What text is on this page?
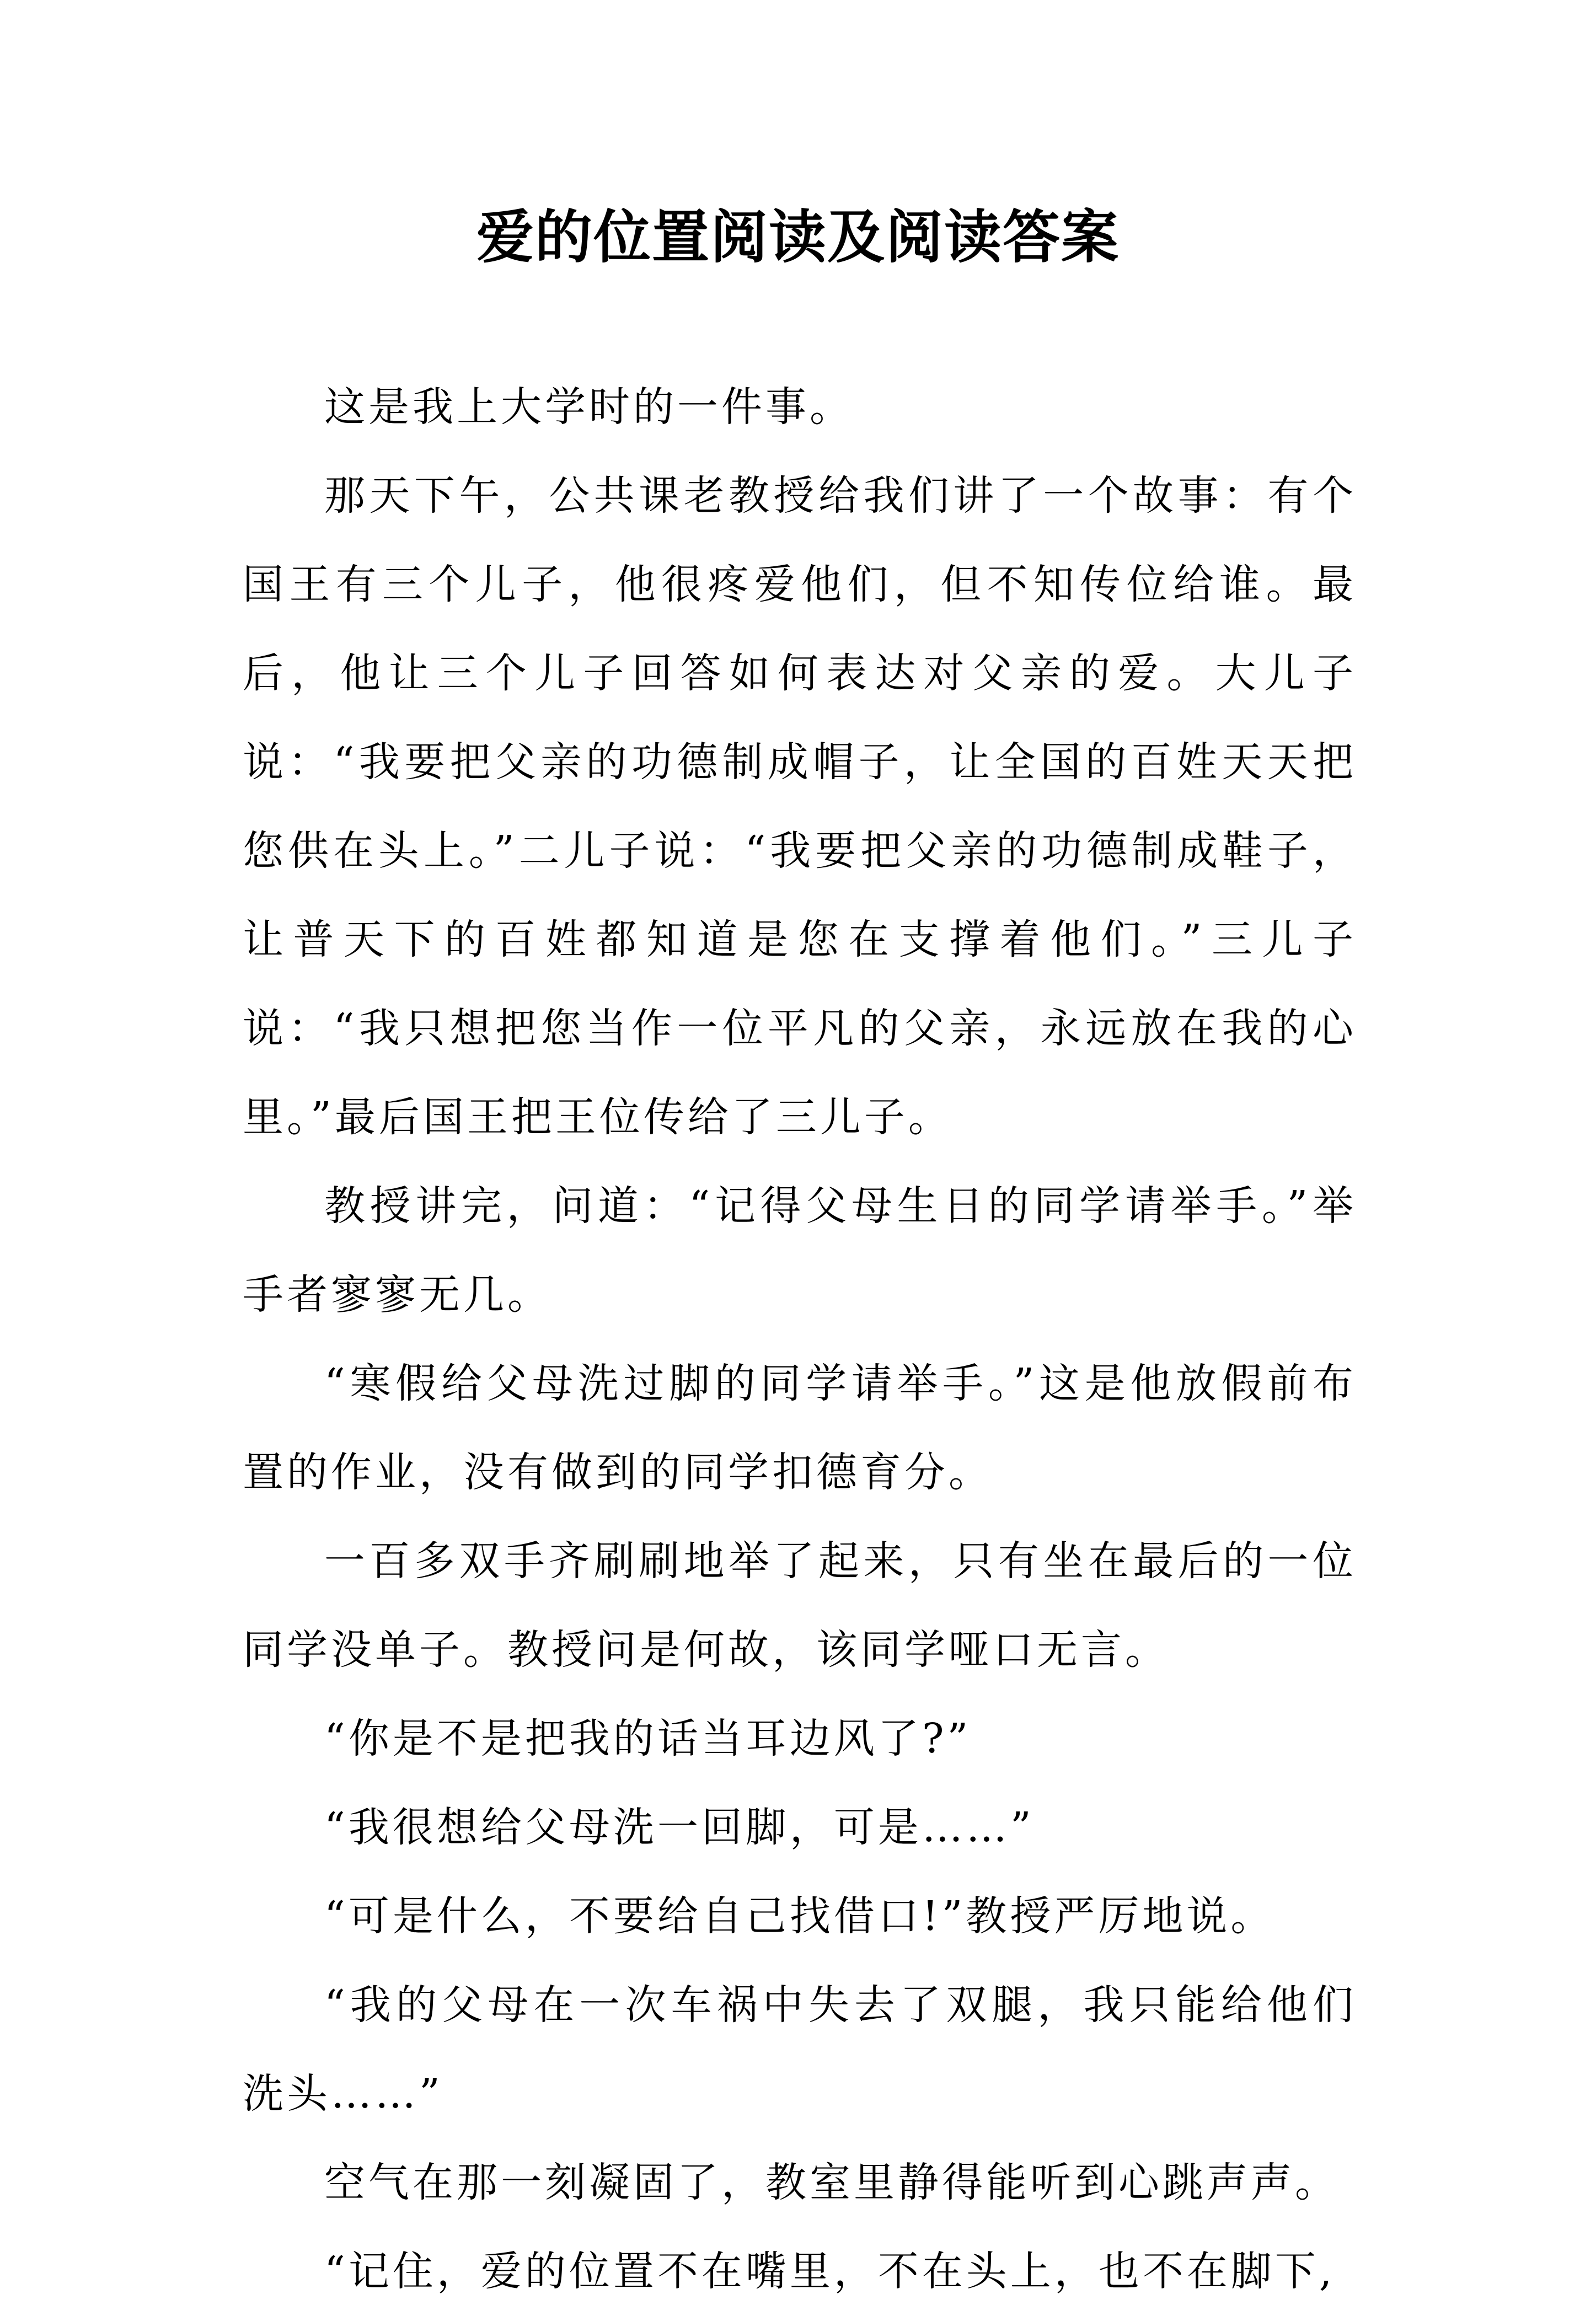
爱的位置阅读及阅读答案

这是我上大学时的一件事。

那天下午，公共课老教授给我们讲了一个故事：有个国王有三个儿子，他很疼爱他们，但不知传位给谁。最后，他让三个儿子回答如何表达对父亲的爱。大儿子说：“我要把父亲的功德制成帽子，让全国的百姓天天把您供在头上。”二儿子说：“我要把父亲的功德制成鞋子，让普天下的百姓都知道是您在支撑着他们。”三儿子说：“我只想把您当作一位平凡的父亲，永远放在我的心里。”最后国王把王位传给了三儿子。

教授讲完，问道：“记得父母生日的同学请举手。”举手者寥寥无几。

“寒假给父母洗过脚的同学请举手。”这是他放假前布置的作业，没有做到的同学扣德育分。

一百多双手齐刷刷地举了起来，只有坐在最后的一位同学没单子。教授问是何故，该同学哑口无言。

“你是不是把我的话当耳边风了?”

“我很想给父母洗一回脚，可是……”

“可是什么，不要给自己找借口!”教授严厉地说。

“我的父母在一次车祸中失去了双腿，我只能给他们洗头……”

空气在那一刻凝固了，教室里静得能听到心跳声声。

“记住，爱的位置不在嘴里，不在头上，也不在脚下,
